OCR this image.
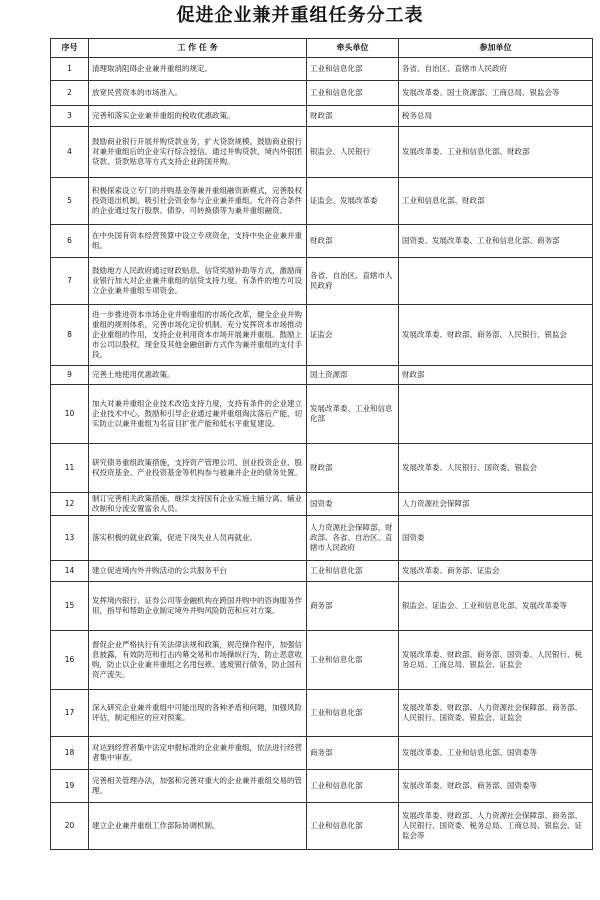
促进企业兼并重组任务分工表
序号	工 作 任 务	牵头单位	参加单位
1	清理取消阻碍企业兼并重组的规定。	工业和信息化部	各省、自治区、直辖市人民政府
2	放宽民营资本的市场准入。	工业和信息化部	发展改革委、国土资源部、工商总局、银监会等
3	完善和落实企业兼并重组的税收优惠政策。	财政部	税务总局
4	鼓励商业银行开展并购贷款业务，扩大贷款规模。鼓励商业银行对兼并重组后的企业实行综合授信。通过并购贷款、境内外银团贷款、贷款贴息等方式支持企业跨国并购。	银监会、人民银行	发展改革委、工业和信息化部、财政部
5	积极探索设立专门的并购基金等兼并重组融资新模式，完善股权投资退出机制，吸引社会资金参与企业兼并重组。允许符合条件的企业通过发行股票、债券、可转换债等为兼并重组融资。	证监会、发展改革委	工业和信息化部、财政部
6	在中央国有资本经营预算中设立专项资金，支持中央企业兼并重组。	财政部	国资委、发展改革委、工业和信息化部、商务部
7	鼓励地方人民政府通过财政贴息、信贷奖励补助等方式，激励商业银行加大对企业兼并重组的信贷支持力度。有条件的地方可设立企业兼并重组专项资金。	各省、自治区、直辖市人民政府	
8	进一步推进资本市场企业并购重组的市场化改革，健全企业并购重组的规则体系，完善市场化定价机制。充分发挥资本市场推动企业重组的作用，支持企业利用资本市场开展兼并重组。鼓励上市公司以股权、现金及其他金融创新方式作为兼并重组的支付手段。	证监会	发展改革委、财政部、商务部、人民银行、银监会
9	完善土地使用优惠政策。	国土资源部	财政部
10	加大对兼并重组企业技术改造支持力度，支持有条件的企业建立企业技术中心，鼓励和引导企业通过兼并重组淘汰落后产能，切实防止以兼并重组为名盲目扩张产能和低水平重复建设。	发展改革委、工业和信息化部	
11	研究债务重组政策措施，支持资产管理公司、创业投资企业、股权投资基金、产业投资基金等机构参与被兼并企业的债务处置。	财政部	发展改革委、人民银行、国资委、银监会
12	制订完善相关政策措施，继续支持国有企业实施主辅分离、辅业改制和分流安置富余人员。	国资委	人力资源社会保障部
13	落实积极的就业政策，促进下岗失业人员再就业。	人力资源社会保障部、财政部、各省、自治区、直辖市人民政府	国资委
14	建立促进境内外并购活动的公共服务平台	工业和信息化部	发展改革委、商务部、证监会
15	发挥境内银行、证券公司等金融机构在跨国并购中的咨询服务作用，指导和帮助企业制定境外并购风险防范和应对方案。	商务部	银监会、证监会、工业和信息化部、发展改革委等
16	督促企业严格执行有关法律法规和政策，规范操作程序，加强信息披露，有效防范和打击内幕交易和市场操纵行为，防止恶意收购，防止以企业兼并重组之名甩包袱、逃废银行债务，防止国有资产流失。	工业和信息化部	发展改革委、财政部、商务部、国资委、人民银行、税务总局、工商总局、银监会、证监会
17	深入研究企业兼并重组中可能出现的各种矛盾和问题，加强风险评估，制定相应的应对预案。	工业和信息化部	发展改革委、财政部、人力资源社会保障部、商务部、人民银行、国资委、银监会、证监会
18	对达到经营者集中法定申报标准的企业兼并重组，依法进行经营者集中审查。	商务部	发展改革委、工业和信息化部、国资委等
19	完善相关管理办法，加强和完善对重大的企业兼并重组交易的管理。	工业和信息化部	发展改革委、财政部、商务部、国资委等
20	建立企业兼并重组工作部际协调机制。	工业和信息化部	发展改革委、财政部、人力资源社会保障部、商务部、人民银行、国资委、税务总局、工商总局、银监会、证监会等
